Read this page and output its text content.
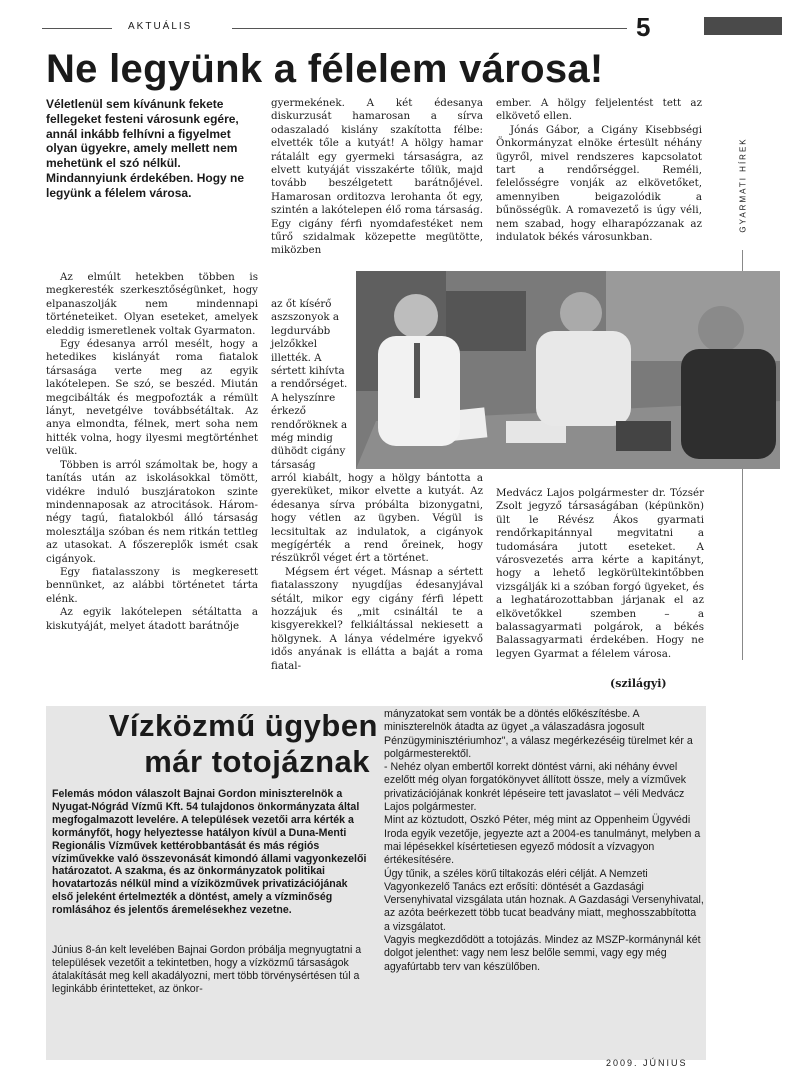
AKTUÁLIS	5
GYARMATI HÍREK
Ne legyünk a félelem városa!
Véletlenül sem kívánunk fekete fellegeket festeni városunk egére, annál inkább felhívni a figyelmet olyan ügyekre, amely mellett nem mehetünk el szó nélkül. Mindannyiunk érdekében. Hogy ne legyünk a félelem városa.

Az elmúlt hetekben többen is megkeresték szerkesztőségünket, hogy elpanaszolják nem mindennapi történeteiket. Olyan eseteket, amelyek eleddig ismeretlenek voltak Gyarmaton.

Egy édesanya arról mesélt, hogy a hetedikes kislányát roma fiatalok társasága verte meg az egyik lakótelepen. Se szó, se beszéd. Miután megcibálták és megpofozták a rémült lányt, nevetgélve továbbsétáltak. Az anya elmondta, félnek, mert soha nem hitték volna, hogy ilyesmi megtörténhet velük.

Többen is arról számoltak be, hogy a tanítás után az iskolásokkal tömött, vidékre induló buszjáratokon szinte mindennaposak az atrocitások. Három-négy tagú, fiatalokból álló társaság molesztálja szóban és nem ritkán tettleg az utasokat. A főszereplők ismét csak cigányok.

Egy fiatalasszony is megkeresett bennünket, az alábbi történetet tárta elénk.

Az egyik lakótelepen sétáltatta a kiskutyáját, melyet átadott barátnője

gyermekének. A két édesanya diskurzusát hamarosan a sírva odaszaladó kislány szakította félbe: elvették tőle a kutyát! A hölgy hamar rátalált egy gyermeki társaságra, az elvett kutyáját visszakérte tőlük, majd tovább beszélgetett barátnőjével. Hamarosan orditozva lerohanta őt egy, szintén a lakótelepen élő roma társaság. Egy cigány férfi nyomdafestéket nem tűrő szidalmak közepette megütötte, miközben

az őt kísérő aszszonyok a legdurvább jelzőkkel illették. A sértett kihívta a rendőrséget. A helyszínre érkező rendőröknek a még mindig dühödt cigány társaság

arról kiabált, hogy a hölgy bántotta a gyereküket, mikor elvette a kutyát. Az édesanya sírva próbálta bizonygatni, hogy vétlen az ügyben. Végül is lecsitultak az indulatok, a cigányok megígérték a rend őreinek, hogy részükről véget ért a történet.

Mégsem ért véget. Másnap a sértett fiatalasszony nyugdíjas édesanyjával sétált, mikor egy cigány férfi lépett hozzájuk és „mit csináltál te a kisgyerekkel? felkiáltással nekiesett a hölgynek. A lánya védelmére igyekvő idős anyának is ellátta a baját a roma fiatal-

ember. A hölgy feljelentést tett az elkövető ellen.

Jónás Gábor, a Cigány Kisebbségi Önkormányzat elnöke értesült néhány ügyről, mivel rendszeres kapcsolatot tart a rendőrséggel. Reméli, felelősségre vonják az elkövetőket, amennyiben beigazolódik a bűnösségük. A romavezető is úgy véli, nem szabad, hogy elharapózzanak az indulatok békés városunkban.

Medvácz Lajos polgármester dr. Tózsér Zsolt jegyző társaságában (képünkön) ült le Révész Ákos gyarmati rendőrkapitánnyal megvitatni a tudomására jutott eseteket. A városvezetés arra kérte a kapitányt, hogy a lehető legkörültekintőbben vizsgálják ki a szóban forgó ügyeket, és a leghatározottabban járjanak el az elkövetőkkel szemben – a balassagyarmati polgárok, a békés Balassagyarmati érdekében. Hogy ne legyen Gyarmat a félelem városa.

(szilágyi)
Vízközmű ügyben
már totojáznak
Felemás módon válaszolt Bajnai Gordon miniszterelnök a Nyugat-Nógrád Vízmű Kft. 54 tulajdonos önkormányzata által megfogalmazott levelére. A települések vezetői arra kérték a kormányfőt, hogy helyeztesse hatályon kívül a Duna-Menti Regionális Vízművek kettérobbantását és más régiós víziművekke való összevonását kimondó állami vagyonkezelői határozatot. A szakma, és az önkormányzatok politikai hovatartozás nélkül mind a víziközművek privatizációjának első jeleként értelmezték a döntést, amely a vízminőség romlásához és jelentős áremelésekhez vezetne.
Június 8-án kelt levelében Bajnai Gordon próbálja megnyugtatni a települések vezetőit a tekintetben, hogy a vízközmű társaságok átalakítását meg kell akadályozni, mert több törvénysértésen túl a leginkább érintetteket, az önkor-

mányzatokat sem vonták be a döntés előkészítésbe. A miniszterelnök átadta az ügyet „a válaszadásra jogosult Pénzügyminisztériumhoz", a válasz megérkezéséig türelmet kér a polgármesterektől.

- Nehéz olyan embertől korrekt döntést várni, aki néhány évvel ezelőtt még olyan forgatókönyvet állított össze, mely a vízművek privatizációjának konkrét lépéseire tett javaslatot – véli Medvácz Lajos polgármester.

Mint az köztudott, Oszkó Péter, még mint az Oppenheim Ügyvédi Iroda egyik vezetője, jegyezte azt a 2004-es tanulmányt, melyben a mai lépésekkel kísértetiesen egyező módosít a vízvagyon értékesítésére.

Úgy tűnik, a széles körű tiltakozás eléri célját. A Nemzeti Vagyonkezelő Tanács ezt erősíti: döntését a Gazdasági Versenyhivatal vizsgálata után hoznak. A Gazdasági Versenyhivatal, az azóta beérkezett több tucat beadvány miatt, meghosszabbította a vizsgálatot.

Vagyis megkezdődött a totojázás. Mindez az MSZP-kormánynál két dolgot jelenthet: vagy nem lesz belőle semmi, vagy egy még agyafúrtabb terv van készülőben.

2009. JÚNIUS
